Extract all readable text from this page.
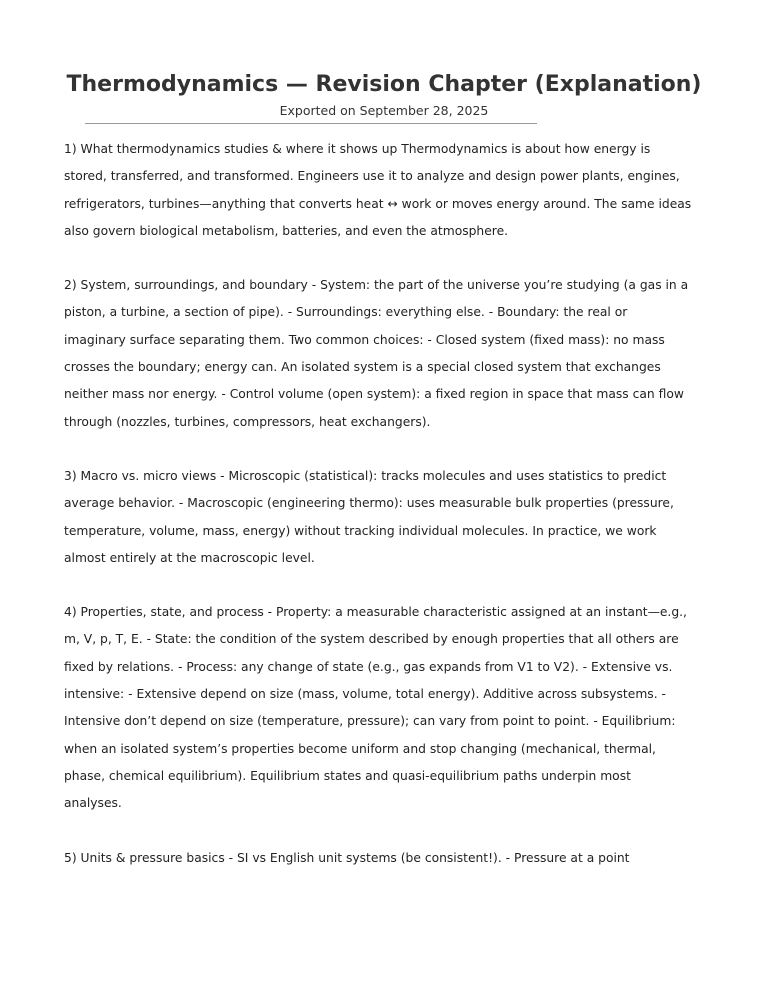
Thermodynamics — Revision Chapter (Explanation)

Exported on September 28, 2025

1) What thermodynamics studies & where it shows up Thermodynamics is about how energy is stored, transferred, and transformed. Engineers use it to analyze and design power plants, engines, refrigerators, turbines—anything that converts heat ↔ work or moves energy around. The same ideas also govern biological metabolism, batteries, and even the atmosphere.

2) System, surroundings, and boundary - System: the part of the universe you’re studying (a gas in a piston, a turbine, a section of pipe). - Surroundings: everything else. - Boundary: the real or imaginary surface separating them. Two common choices: - Closed system (fixed mass): no mass crosses the boundary; energy can. An isolated system is a special closed system that exchanges neither mass nor energy. - Control volume (open system): a fixed region in space that mass can flow through (nozzles, turbines, compressors, heat exchangers).

3) Macro vs. micro views - Microscopic (statistical): tracks molecules and uses statistics to predict average behavior. - Macroscopic (engineering thermo): uses measurable bulk properties (pressure, temperature, volume, mass, energy) without tracking individual molecules. In practice, we work almost entirely at the macroscopic level.

4) Properties, state, and process - Property: a measurable characteristic assigned at an instant—e.g., m, V, p, T, E. - State: the condition of the system described by enough properties that all others are fixed by relations. - Process: any change of state (e.g., gas expands from V1 to V2). - Extensive vs. intensive: - Extensive depend on size (mass, volume, total energy). Additive across subsystems. - Intensive don’t depend on size (temperature, pressure); can vary from point to point. - Equilibrium: when an isolated system’s properties become uniform and stop changing (mechanical, thermal, phase, chemical equilibrium). Equilibrium states and quasi-equilibrium paths underpin most analyses.

5) Units & pressure basics - SI vs English unit systems (be consistent!). - Pressure at a point
